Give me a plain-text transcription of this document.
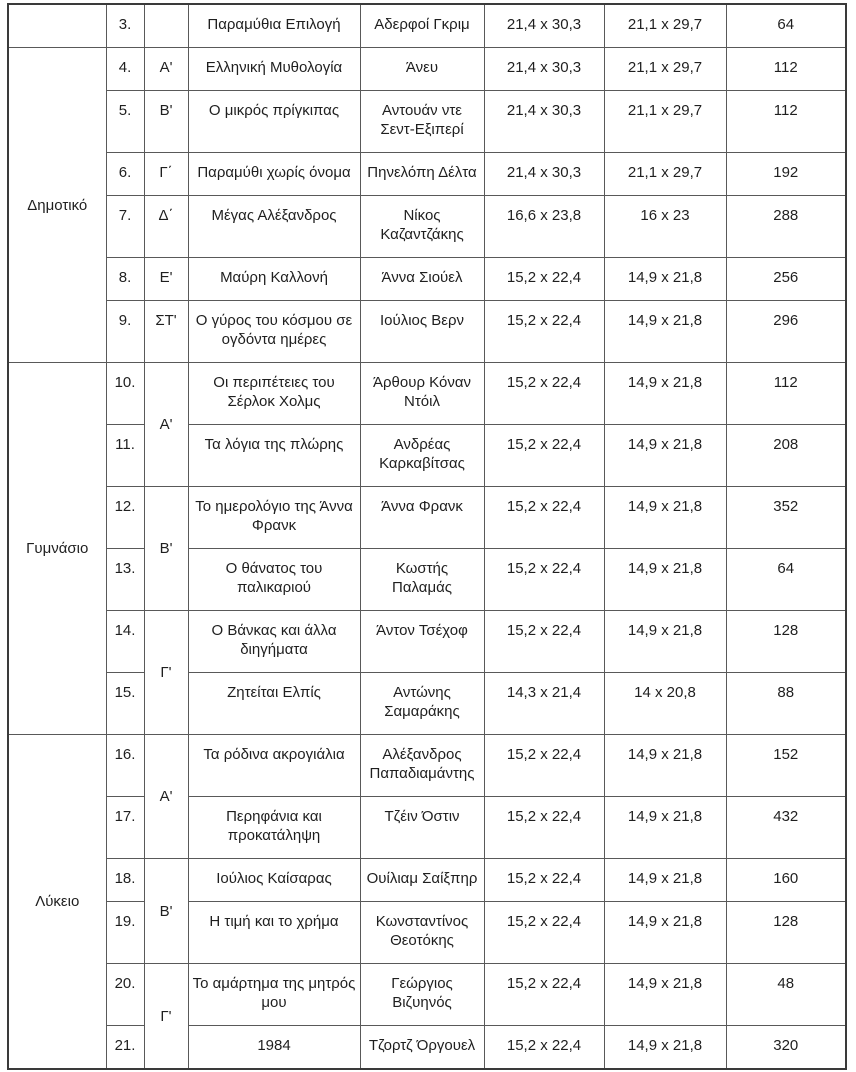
	3.		Παραμύθια Επιλογή	Αδερφοί Γκριμ	21,4 x 30,3	21,1 x 29,7	64
Δημοτικό	4.	Α'	Ελληνική Μυθολογία	Άνευ	21,4 x 30,3	21,1 x 29,7	112
	5.	Β'	Ο μικρός πρίγκιπας	Αντουάν ντε Σεντ-Εξιπερί	21,4 x 30,3	21,1 x 29,7	112
	6.	Γ΄	Παραμύθι χωρίς όνομα	Πηνελόπη Δέλτα	21,4 x 30,3	21,1 x 29,7	192
	7.	Δ΄	Μέγας Αλέξανδρος	Νίκος Καζαντζάκης	16,6 x 23,8	16 x 23	288
	8.	Ε'	Μαύρη Καλλονή	Άννα Σιούελ	15,2 x 22,4	14,9 x 21,8	256
	9.	ΣΤ'	Ο γύρος του κόσμου σε ογδόντα ημέρες	Ιούλιος Βερν	15,2 x 22,4	14,9 x 21,8	296
Γυμνάσιο	10.	Α'	Οι περιπέτειες του Σέρλοκ Χολμς	Άρθουρ Κόναν Ντόιλ	15,2 x 22,4	14,9 x 21,8	112
	11.		Τα λόγια της πλώρης	Ανδρέας Καρκαβίτσας	15,2 x 22,4	14,9 x 21,8	208
	12.	Β'	Το ημερολόγιο της Άννα Φρανκ	Άννα Φρανκ	15,2 x 22,4	14,9 x 21,8	352
	13.		Ο θάνατος του παλικαριού	Κωστής Παλαμάς	15,2 x 22,4	14,9 x 21,8	64
	14.	Γ'	Ο Βάνκας και άλλα διηγήματα	Άντον Τσέχοφ	15,2 x 22,4	14,9 x 21,8	128
	15.		Ζητείται Ελπίς	Αντώνης Σαμαράκης	14,3 x 21,4	14 x 20,8	88
Λύκειο	16.	Α'	Τα ρόδινα ακρογιάλια	Αλέξανδρος Παπαδιαμάντης	15,2 x 22,4	14,9 x 21,8	152
	17.		Περηφάνια και προκατάληψη	Τζέιν Όστιν	15,2 x 22,4	14,9 x 21,8	432
	18.	Β'	Ιούλιος Καίσαρας	Ουίλιαμ Σαίξπηρ	15,2 x 22,4	14,9 x 21,8	160
	19.		Η τιμή και το χρήμα	Κωνσταντίνος Θεοτόκης	15,2 x 22,4	14,9 x 21,8	128
	20.	Γ'	Το αμάρτημα της μητρός μου	Γεώργιος Βιζυηνός	15,2 x 22,4	14,9 x 21,8	48
	21.		1984	Τζορτζ Όργουελ	15,2 x 22,4	14,9 x 21,8	320
